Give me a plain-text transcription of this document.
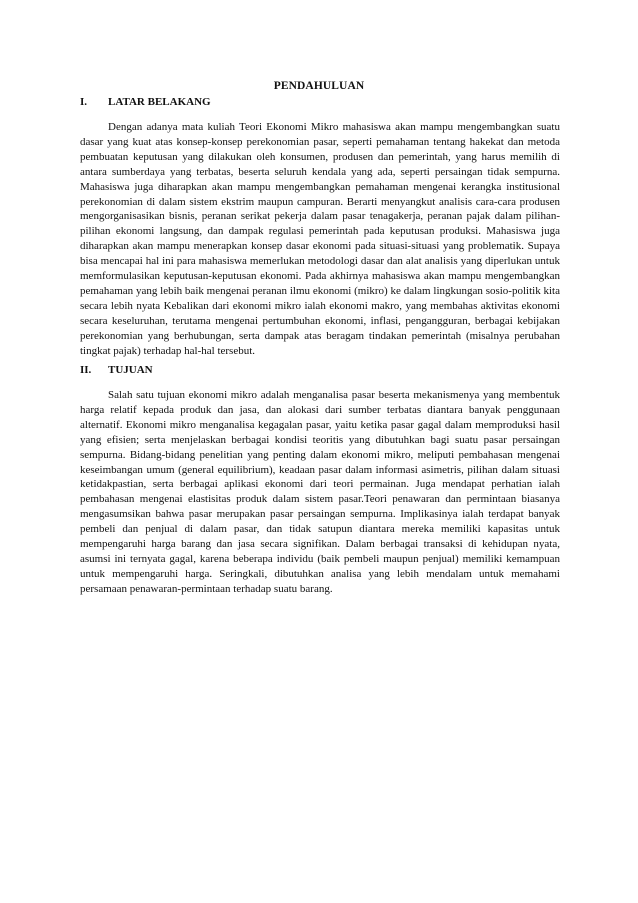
PENDAHULUAN
I. LATAR BELAKANG

Dengan adanya mata kuliah Teori Ekonomi Mikro mahasiswa akan mampu mengembangkan suatu dasar yang kuat atas konsep-konsep perekonomian pasar, seperti pemahaman tentang hakekat dan metoda pembuatan keputusan yang dilakukan oleh konsumen, produsen dan pemerintah, yang harus memilih di antara sumberdaya yang terbatas, beserta seluruh kendala yang ada, seperti persaingan tidak sempurna. Mahasiswa juga diharapkan akan mampu mengembangkan pemahaman mengenai kerangka institusional perekonomian di dalam sistem ekstrim maupun campuran. Berarti menyangkut analisis cara-cara produsen mengorganisasikan bisnis, peranan serikat pekerja dalam pasar tenagakerja, peranan pajak dalam pilihan-pilihan ekonomi langsung, dan dampak regulasi pemerintah pada keputusan produksi. Mahasiswa juga diharapkan akan mampu menerapkan konsep dasar ekonomi pada situasi-situasi yang problematik. Supaya bisa mencapai hal ini para mahasiswa memerlukan metodologi dasar dan alat analisis yang diperlukan untuk memformulasikan keputusan-keputusan ekonomi. Pada akhirnya mahasiswa akan mampu mengembangkan pemahaman yang lebih baik mengenai peranan ilmu ekonomi (mikro) ke dalam lingkungan sosio-politik kita secara lebih nyata Kebalikan dari ekonomi mikro ialah ekonomi makro, yang membahas aktivitas ekonomi secara keseluruhan, terutama mengenai pertumbuhan ekonomi, inflasi, pengangguran, berbagai kebijakan perekonomian yang berhubungan, serta dampak atas beragam tindakan pemerintah (misalnya perubahan tingkat pajak) terhadap hal-hal tersebut.

II. TUJUAN

Salah satu tujuan ekonomi mikro adalah menganalisa pasar beserta mekanismenya yang membentuk harga relatif kepada produk dan jasa, dan alokasi dari sumber terbatas diantara banyak penggunaan alternatif. Ekonomi mikro menganalisa kegagalan pasar, yaitu ketika pasar gagal dalam memproduksi hasil yang efisien; serta menjelaskan berbagai kondisi teoritis yang dibutuhkan bagi suatu pasar persaingan sempurna. Bidang-bidang penelitian yang penting dalam ekonomi mikro, meliputi pembahasan mengenai keseimbangan umum (general equilibrium), keadaan pasar dalam informasi asimetris, pilihan dalam situasi ketidakpastian, serta berbagai aplikasi ekonomi dari teori permainan. Juga mendapat perhatian ialah pembahasan mengenai elastisitas produk dalam sistem pasar.Teori penawaran dan permintaan biasanya mengasumsikan bahwa pasar merupakan pasar persaingan sempurna. Implikasinya ialah terdapat banyak pembeli dan penjual di dalam pasar, dan tidak satupun diantara mereka memiliki kapasitas untuk mempengaruhi harga barang dan jasa secara signifikan. Dalam berbagai transaksi di kehidupan nyata, asumsi ini ternyata gagal, karena beberapa individu (baik pembeli maupun penjual) memiliki kemampuan untuk mempengaruhi harga. Seringkali, dibutuhkan analisa yang lebih mendalam untuk memahami persamaan penawaran-permintaan terhadap suatu barang.
